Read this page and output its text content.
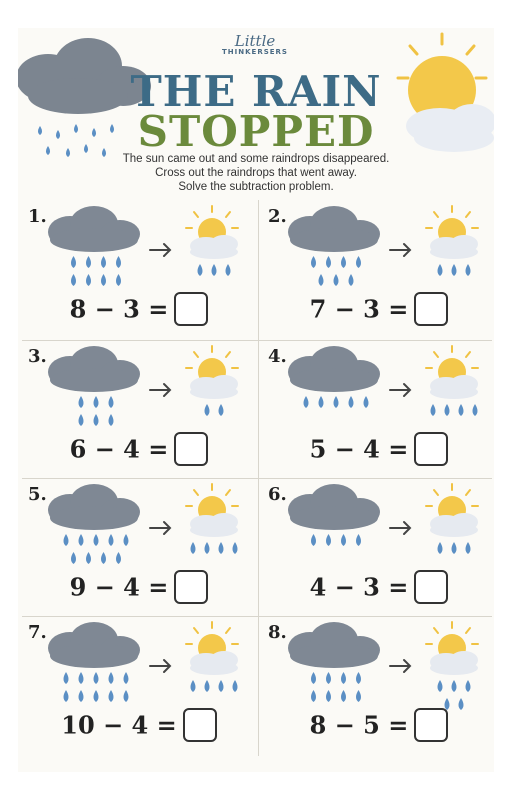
Little
THINKERSERS
THE RAIN
STOPPED
The sun came out and some raindrops disappeared.
Cross out the raindrops that went away.
Solve the subtraction problem.
1.
8 − 3 =
2.
7 − 3 =
3.
6 − 4 =
4.
5 − 4 =
5.
9 − 4 =
6.
4 − 3 =
7.
10 − 4 =
8.
8 − 5 =
